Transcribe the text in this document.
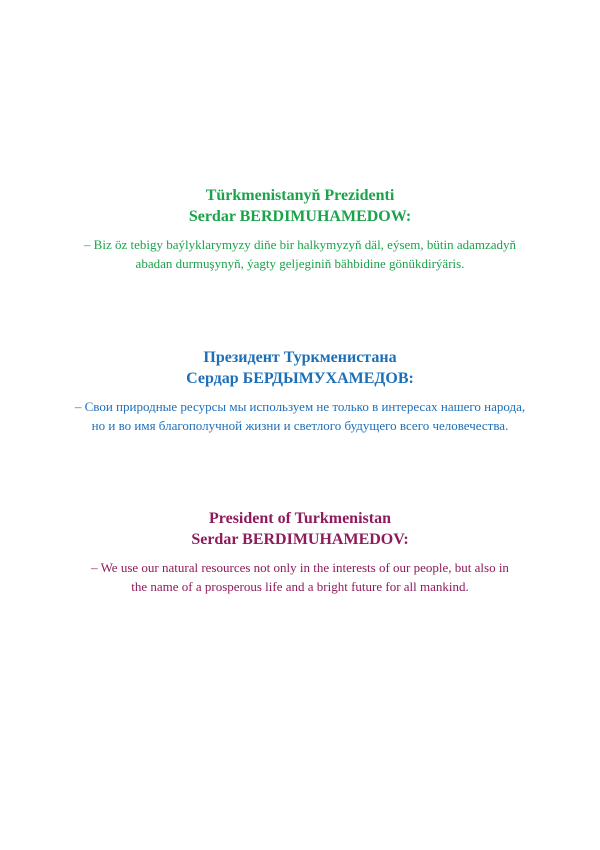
Türkmenistanyň Prezidenti
Serdar BERDIMUHAMEDOW:
– Biz öz tebigy baýlyklarymyzy diňe bir halkymyzyň däl, eýsem, bütin adamzadyň
abadan durmuşynyň, ýagty geljeginiň bähbidine gönükdirýäris.
Президент Туркменистана
Сердар БЕРДЫМУХАМЕДОВ:
– Свои природные ресурсы мы используем не только в интересах нашего народа,
но и во имя благополучной жизни и светлого будущего всего человечества.
President of Turkmenistan
Serdar BERDIMUHAMEDOV:
– We use our natural resources not only in the interests of our people, but also in
the name of a prosperous life and a bright future for all mankind.
